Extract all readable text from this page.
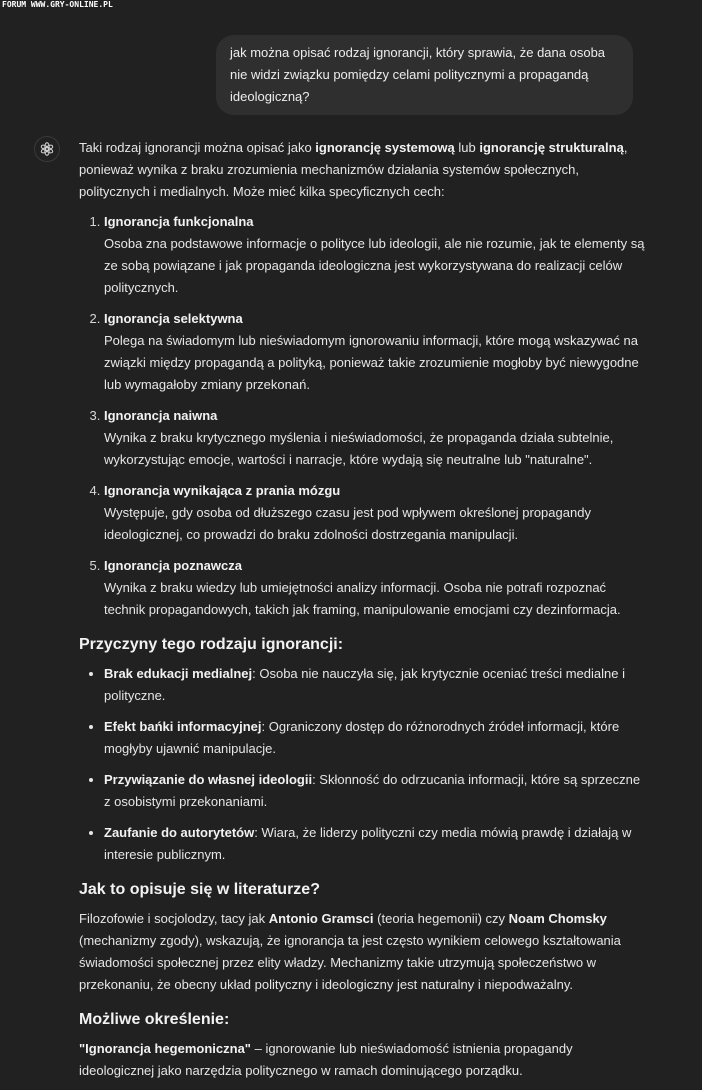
FORUM WWW.GRY-ONLINE.PL
jak można opisać rodzaj ignorancji, który sprawia, że dana osoba nie widzi związku pomiędzy celami politycznymi a propagandą ideologiczną?

Taki rodzaj ignorancji można opisać jako ignorancję systemową lub ignorancję strukturalną, ponieważ wynika z braku zrozumienia mechanizmów działania systemów społecznych, politycznych i medialnych. Może mieć kilka specyficznych cech:

1. Ignorancja funkcjonalna
Osoba zna podstawowe informacje o polityce lub ideologii, ale nie rozumie, jak te elementy są ze sobą powiązane i jak propaganda ideologiczna jest wykorzystywana do realizacji celów politycznych.
2. Ignorancja selektywna
Polega na świadomym lub nieświadomym ignorowaniu informacji, które mogą wskazywać na związki między propagandą a polityką, ponieważ takie zrozumienie mogłoby być niewygodne lub wymagałoby zmiany przekonań.
3. Ignorancja naiwna
Wynika z braku krytycznego myślenia i nieświadomości, że propaganda działa subtelnie, wykorzystując emocje, wartości i narracje, które wydają się neutralne lub "naturalne".
4. Ignorancja wynikająca z prania mózgu
Występuje, gdy osoba od dłuższego czasu jest pod wpływem określonej propagandy ideologicznej, co prowadzi do braku zdolności dostrzegania manipulacji.
5. Ignorancja poznawcza
Wynika z braku wiedzy lub umiejętności analizy informacji. Osoba nie potrafi rozpoznać technik propagandowych, takich jak framing, manipulowanie emocjami czy dezinformacja.
Przyczyny tego rodzaju ignorancji:
• Brak edukacji medialnej: Osoba nie nauczyła się, jak krytycznie oceniać treści medialne i polityczne.
• Efekt bańki informacyjnej: Ograniczony dostęp do różnorodnych źródeł informacji, które mogłyby ujawnić manipulacje.
• Przywiązanie do własnej ideologii: Skłonność do odrzucania informacji, które są sprzeczne z osobistymi przekonaniami.
• Zaufanie do autorytetów: Wiara, że liderzy polityczni czy media mówią prawdę i działają w interesie publicznym.
Jak to opisuje się w literaturze?

Filozofowie i socjolodzy, tacy jak Antonio Gramsci (teoria hegemonii) czy Noam Chomsky (mechanizmy zgody), wskazują, że ignorancja ta jest często wynikiem celowego kształtowania świadomości społecznej przez elity władzy. Mechanizmy takie utrzymują społeczeństwo w przekonaniu, że obecny układ polityczny i ideologiczny jest naturalny i niepodważalny.

Możliwe określenie:

"Ignorancja hegemoniczna" – ignorowanie lub nieświadomość istnienia propagandy ideologicznej jako narzędzia politycznego w ramach dominującego porządku.
